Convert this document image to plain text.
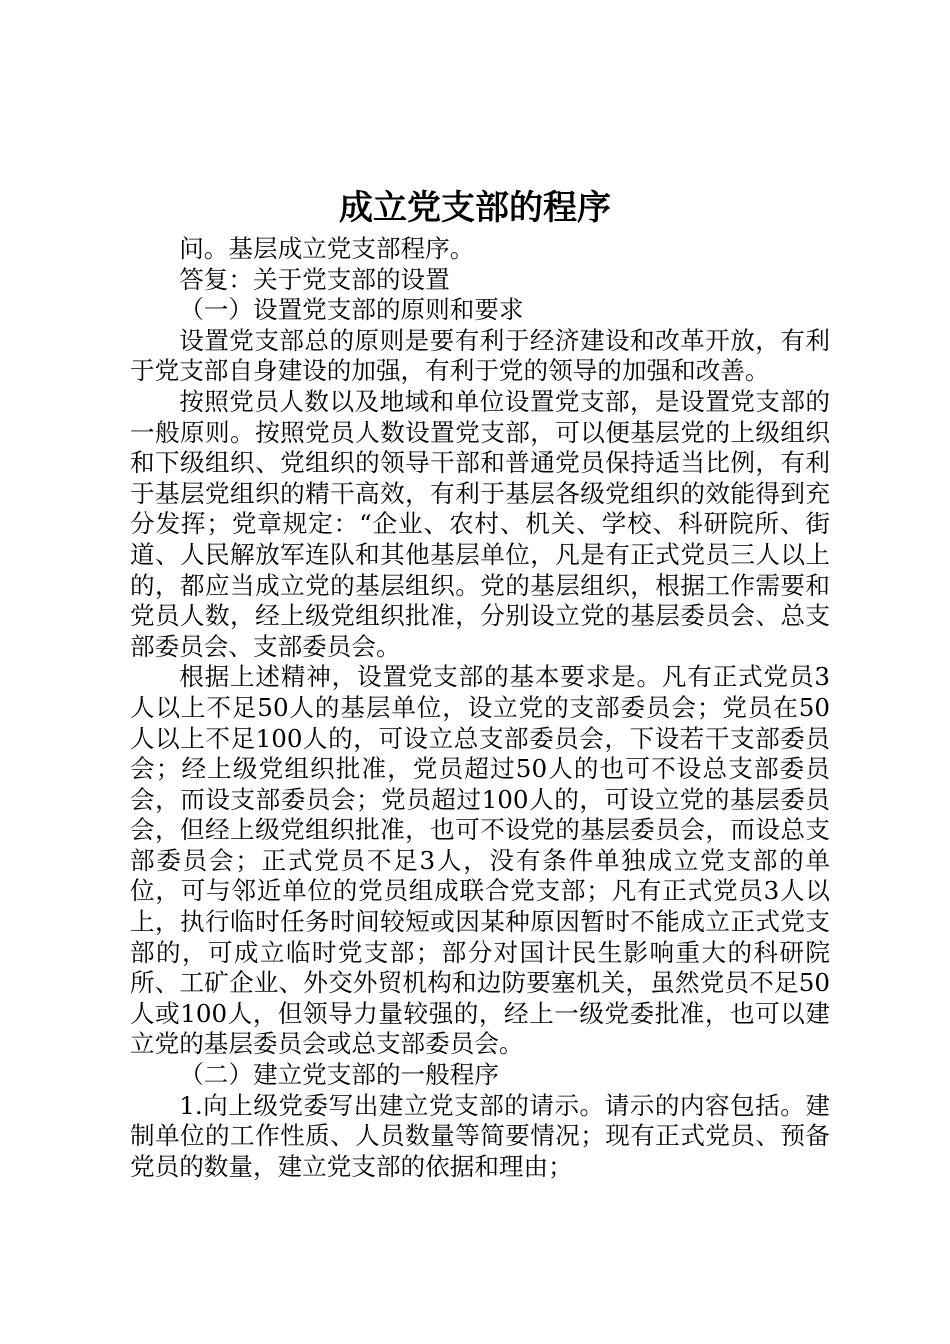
成立党支部的程序

问。基层成立党支部程序。

答复：关于党支部的设置

（一）设置党支部的原则和要求

设置党支部总的原则是要有利于经济建设和改革开放，有利于党支部自身建设的加强，有利于党的领导的加强和改善。

按照党员人数以及地域和单位设置党支部，是设置党支部的一般原则。按照党员人数设置党支部，可以便基层党的上级组织和下级组织、党组织的领导干部和普通党员保持适当比例，有利于基层党组织的精干高效，有利于基层各级党组织的效能得到充分发挥；党章规定：“企业、农村、机关、学校、科研院所、街道、人民解放军连队和其他基层单位，凡是有正式党员三人以上的，都应当成立党的基层组织。党的基层组织，根据工作需要和党员人数，经上级党组织批准，分别设立党的基层委员会、总支部委员会、支部委员会。

根据上述精神，设置党支部的基本要求是。凡有正式党员3人以上不足50人的基层单位，设立党的支部委员会；党员在50人以上不足100人的，可设立总支部委员会，下设若干支部委员会；经上级党组织批准，党员超过50人的也可不设总支部委员会，而设支部委员会；党员超过100人的，可设立党的基层委员会，但经上级党组织批准，也可不设党的基层委员会，而设总支部委员会；正式党员不足3人，没有条件单独成立党支部的单位，可与邻近单位的党员组成联合党支部；凡有正式党员3人以上，执行临时任务时间较短或因某种原因暂时不能成立正式党支部的，可成立临时党支部；部分对国计民生影响重大的科研院所、工矿企业、外交外贸机构和边防要塞机关，虽然党员不足50人或100人，但领导力量较强的，经上一级党委批准，也可以建立党的基层委员会或总支部委员会。

（二）建立党支部的一般程序

1.向上级党委写出建立党支部的请示。请示的内容包括。建制单位的工作性质、人员数量等简要情况；现有正式党员、预备党员的数量，建立党支部的依据和理由；
